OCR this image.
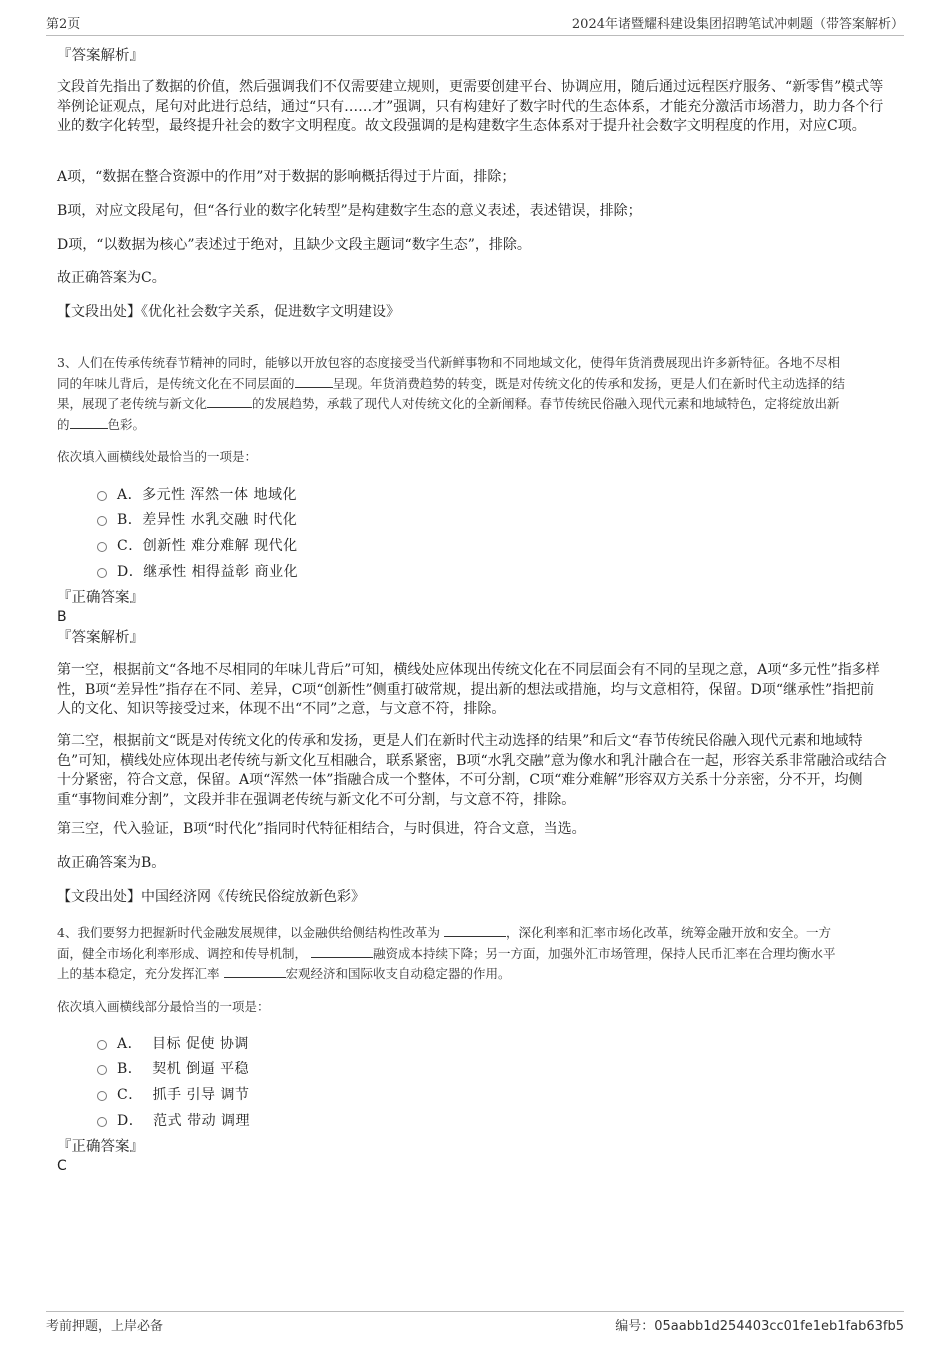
第2页	2024年诸暨耀科建设集团招聘笔试冲刺题（带答案解析）
『答案解析』

文段首先指出了数据的价值，然后强调我们不仅需要建立规则，更需要创建平台、协调应用，随后通过远程医疗服务、“新零售”模式等举例论证观点，尾句对此进行总结，通过“只有……才”强调，只有构建好了数字时代的生态体系，才能充分激活市场潜力，助力各个行业的数字化转型，最终提升社会的数字文明程度。故文段强调的是构建数字生态体系对于提升社会数字文明程度的作用，对应C项。

A项，“数据在整合资源中的作用”对于数据的影响概括得过于片面，排除；

B项，对应文段尾句，但“各行业的数字化转型”是构建数字生态的意义表述，表述错误，排除；

D项，“以数据为核心”表述过于绝对，且缺少文段主题词“数字生态”，排除。

故正确答案为C。

【文段出处】《优化社会数字关系，促进数字文明建设》

3、人们在传承传统春节精神的同时，能够以开放包容的态度接受当代新鲜事物和不同地域文化，使得年货消费展现出许多新特征。各地不尽相
同的年味儿背后，是传统文化在不同层面的	呈现。年货消费趋势的转变，既是对传统文化的传承和发扬，更是人们在新时代主动选择的结
果，展现了老传统与新文化	的发展趋势，承载了现代人对传统文化的全新阐释。春节传统民俗融入现代元素和地域特色，定将绽放出新
的	色彩。

依次填入画横线处最恰当的一项是：

A．多元性 浑然一体 地域化
B．差异性 水乳交融 时代化
C．创新性 难分难解 现代化
D．继承性 相得益彰 商业化
『正确答案』
B
『答案解析』

第一空，根据前文“各地不尽相同的年味儿背后”可知，横线处应体现出传统文化在不同层面会有不同的呈现之意，A项“多元性”指多样性，B项“差异性”指存在不同、差异，C项“创新性”侧重打破常规，提出新的想法或措施，均与文意相符，保留。D项“继承性”指把前人的文化、知识等接受过来，体现不出“不同”之意，与文意不符，排除。

第二空，根据前文“既是对传统文化的传承和发扬，更是人们在新时代主动选择的结果”和后文“春节传统民俗融入现代元素和地域特色”可知，横线处应体现出老传统与新文化互相融合，联系紧密，B项“水乳交融”意为像水和乳汁融合在一起，形容关系非常融洽或结合十分紧密，符合文意，保留。A项“浑然一体”指融合成一个整体，不可分割，C项“难分难解”形容双方关系十分亲密，分不开，均侧重“事物间难分割”，文段并非在强调老传统与新文化不可分割，与文意不符，排除。

第三空，代入验证，B项“时代化”指同时代特征相结合，与时俱进，符合文意，当选。

故正确答案为B。

【文段出处】中国经济网《传统民俗绽放新色彩》

4、我们要努力把握新时代金融发展规律，以金融供给侧结构性改革为	，深化利率和汇率市场化改革，统筹金融开放和安全。一方
面，健全市场化利率形成、调控和传导机制，	融资成本持续下降；另一方面，加强外汇市场管理，保持人民币汇率在合理均衡水平
上的基本稳定，充分发挥汇率	宏观经济和国际收支自动稳定器的作用。

依次填入画横线部分最恰当的一项是：

A．  目标 促使 协调
B．  契机 倒逼 平稳
C．  抓手 引导 调节
D．  范式 带动 调理
『正确答案』
C
考前押题，上岸必备	编号：05aabb1d254403cc01fe1eb1fab63fb5
